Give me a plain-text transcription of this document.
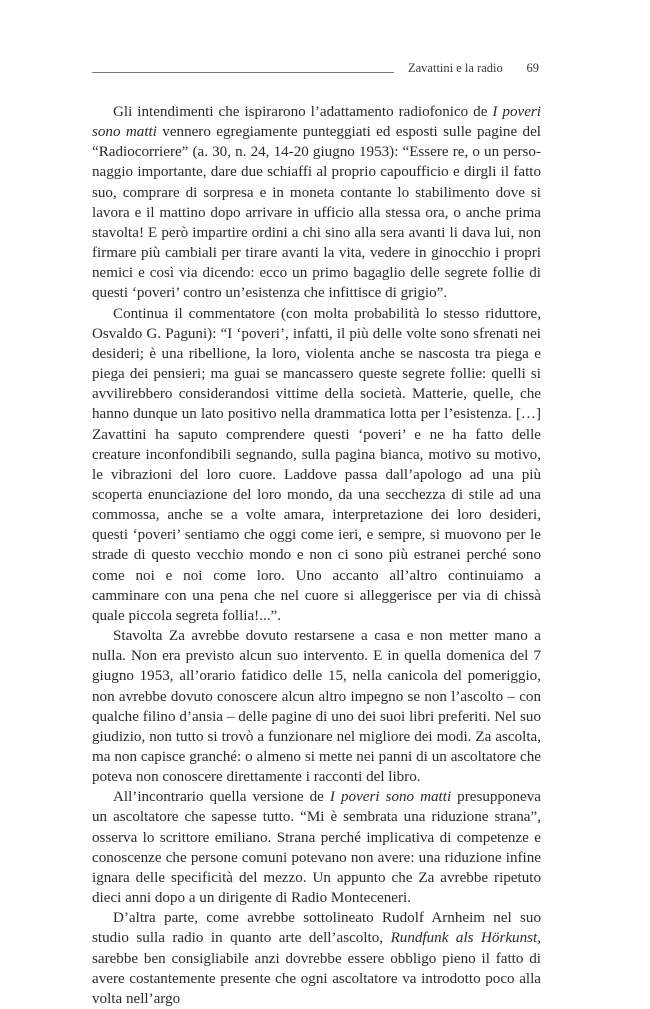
Zavattini e la radio 69

Gli intendimenti che ispirarono l’adattamento radiofonico de I poveri sono matti vennero egregiamente punteggiati ed esposti sulle pagine del “Radiocorriere” (a. 30, n. 24, 14-20 giugno 1953): “Essere re, o un personaggio importante, dare due schiaffi al proprio capoufficio e dirgli il fatto suo, comprare di sorpresa e in moneta contante lo stabilimento dove si lavora e il mattino dopo arrivare in ufficio alla stessa ora, o anche prima stavolta! E però impartire ordini a chi sino alla sera avanti li dava lui, non firmare più cambiali per tirare avanti la vita, vedere in ginocchio i propri nemici e così via dicendo: ecco un primo bagaglio delle segrete follie di questi ‘poveri’ contro un’esistenza che infittisce di grigio”.

Continua il commentatore (con molta probabilità lo stesso riduttore, Osvaldo G. Paguni): “I ‘poveri’, infatti, il più delle volte sono sfrenati nei desideri; è una ribellione, la loro, violenta anche se nascosta tra piega e piega dei pensieri; ma guai se mancassero queste segrete follie: quelli si avvilirebbero considerandosi vittime della società. Matterie, quelle, che hanno dunque un lato positivo nella drammatica lotta per l’esistenza. […] Zavattini ha saputo comprendere questi ‘poveri’ e ne ha fatto delle creature inconfondibili segnando, sulla pagina bianca, motivo su motivo, le vibrazioni del loro cuore. Laddove passa dall’apologo ad una più scoperta enunciazione del loro mondo, da una secchezza di stile ad una commossa, anche se a volte amara, interpretazione dei loro desideri, questi ‘poveri’ sentiamo che oggi come ieri, e sempre, si muovono per le strade di questo vecchio mondo e non ci sono più estranei perché sono come noi e noi come loro. Uno accanto all’altro continuiamo a camminare con una pena che nel cuore si alleggerisce per via di chissà quale piccola segreta follia!...”.

Stavolta Za avrebbe dovuto restarsene a casa e non metter mano a nulla. Non era previsto alcun suo intervento. E in quella domenica del 7 giugno 1953, all’orario fatidico delle 15, nella canicola del pomeriggio, non avrebbe dovuto conoscere alcun altro impegno se non l’ascolto – con qualche filino d’ansia – delle pagine di uno dei suoi libri preferiti. Nel suo giudizio, non tutto si trovò a funzionare nel migliore dei modi. Za ascolta, ma non capisce granché: o almeno si mette nei panni di un ascoltatore che poteva non conoscere direttamente i racconti del libro.

All’incontrario quella versione de I poveri sono matti presupponeva un ascoltatore che sapesse tutto. “Mi è sembrata una riduzione strana”, osserva lo scrittore emiliano. Strana perché implicativa di competenze e conoscenze che persone comuni potevano non avere: una riduzione infine ignara delle specificità del mezzo. Un appunto che Za avrebbe ripetuto dieci anni dopo a un dirigente di Radio Monteceneri.

D’altra parte, come avrebbe sottolineato Rudolf Arnheim nel suo studio sulla radio in quanto arte dell’ascolto, Rundfunk als Hörkunst, sarebbe ben consigliabile anzi dovrebbe essere obbligo pieno il fatto di avere costantemente presente che ogni ascoltatore va introdotto poco alla volta nell’argo
